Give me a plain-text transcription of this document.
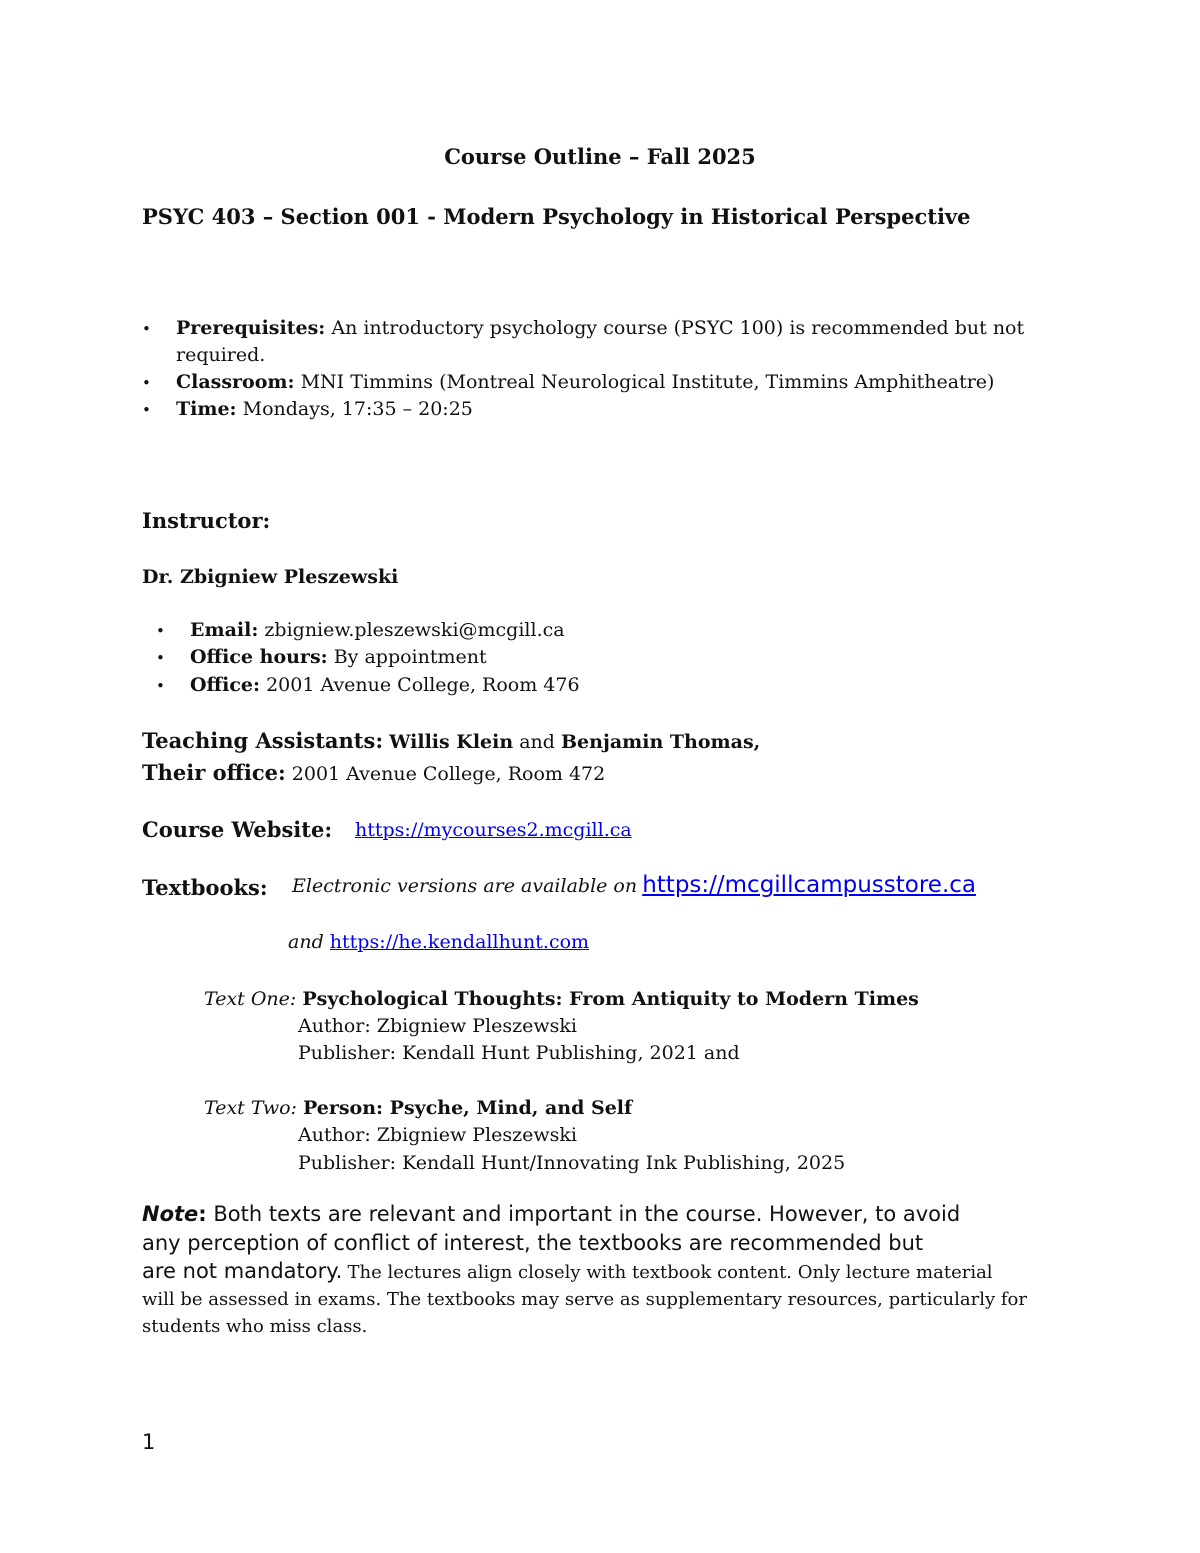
Course Outline – Fall 2025
PSYC 403 – Section 001 - Modern Psychology in Historical Perspective
• Prerequisites: An introductory psychology course (PSYC 100) is recommended but not
required.
• Classroom: MNI Timmins (Montreal Neurological Institute, Timmins Amphitheatre)
• Time: Mondays, 17:35 – 20:25
Instructor:
Dr. Zbigniew Pleszewski
• Email: zbigniew.pleszewski@mcgill.ca
• Office hours: By appointment
• Office: 2001 Avenue College, Room 476
Teaching Assistants: Willis Klein and Benjamin Thomas,
Their office: 2001 Avenue College, Room 472
Course Website: https://mycourses2.mcgill.ca
Textbooks: Electronic versions are available on https://mcgillcampusstore.ca
and https://he.kendallhunt.com
Text One: Psychological Thoughts: From Antiquity to Modern Times
Author: Zbigniew Pleszewski
Publisher: Kendall Hunt Publishing, 2021 and
Text Two: Person: Psyche, Mind, and Self
Author: Zbigniew Pleszewski
Publisher: Kendall Hunt/Innovating Ink Publishing, 2025
Note: Both texts are relevant and important in the course. However, to avoid
any perception of conflict of interest, the textbooks are recommended but
are not mandatory. The lectures align closely with textbook content. Only lecture material
will be assessed in exams. The textbooks may serve as supplementary resources, particularly for
students who miss class.
1
